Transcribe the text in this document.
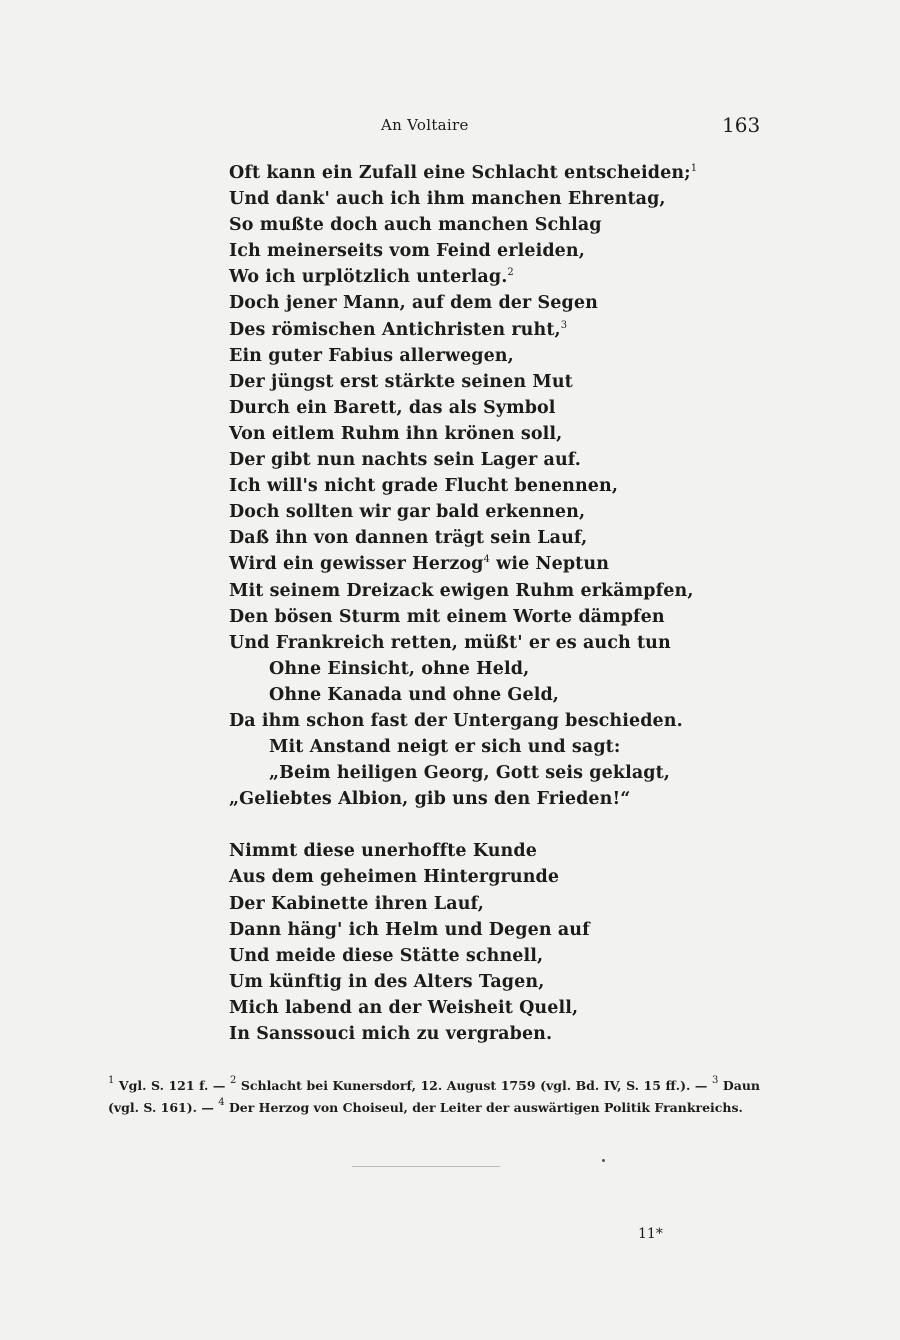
An Voltaire	163
Oft kann ein Zufall eine Schlacht entscheiden;$^1$
Und dank' auch ich ihm manchen Ehrentag,
So mußte doch auch manchen Schlag
Ich meinerseits vom Feind erleiden,
Wo ich urplötzlich unterlag.$^2$
Doch jener Mann, auf dem der Segen
Des römischen Antichristen ruht,$^3$
Ein guter Fabius allerwegen,
Der jüngst erst stärkte seinen Mut
Durch ein Barett, das als Symbol
Von eitlem Ruhm ihn krönen soll,
Der gibt nun nachts sein Lager auf.
Ich will's nicht grade Flucht benennen,
Doch sollten wir gar bald erkennen,
Daß ihn von dannen trägt sein Lauf,
Wird ein gewisser Herzog$^4$ wie Neptun
Mit seinem Dreizack ewigen Ruhm erkämpfen,
Den bösen Sturm mit einem Worte dämpfen
Und Frankreich retten, müßt' er es auch tun
Ohne Einsicht, ohne Held,
Ohne Kanada und ohne Geld,
Da ihm schon fast der Untergang beschieden.
Mit Anstand neigt er sich und sagt:
„Beim heiligen Georg, Gott seis geklagt,
„Geliebtes Albion, gib uns den Frieden!“
Nimmt diese unerhoffte Kunde
Aus dem geheimen Hintergrunde
Der Kabinette ihren Lauf,
Dann häng' ich Helm und Degen auf
Und meide diese Stätte schnell,
Um künftig in des Alters Tagen,
Mich labend an der Weisheit Quell,
In Sanssouci mich zu vergraben.
$^1$ Vgl. S. 121 f. — $^2$ Schlacht bei Kunersdorf, 12. August 1759 (vgl. Bd. IV, S. 15 ff.). — $^3$ Daun (vgl. S. 161). — $^4$ Der Herzog von Choiseul, der Leiter der auswärtigen Politik Frankreichs.
11*
